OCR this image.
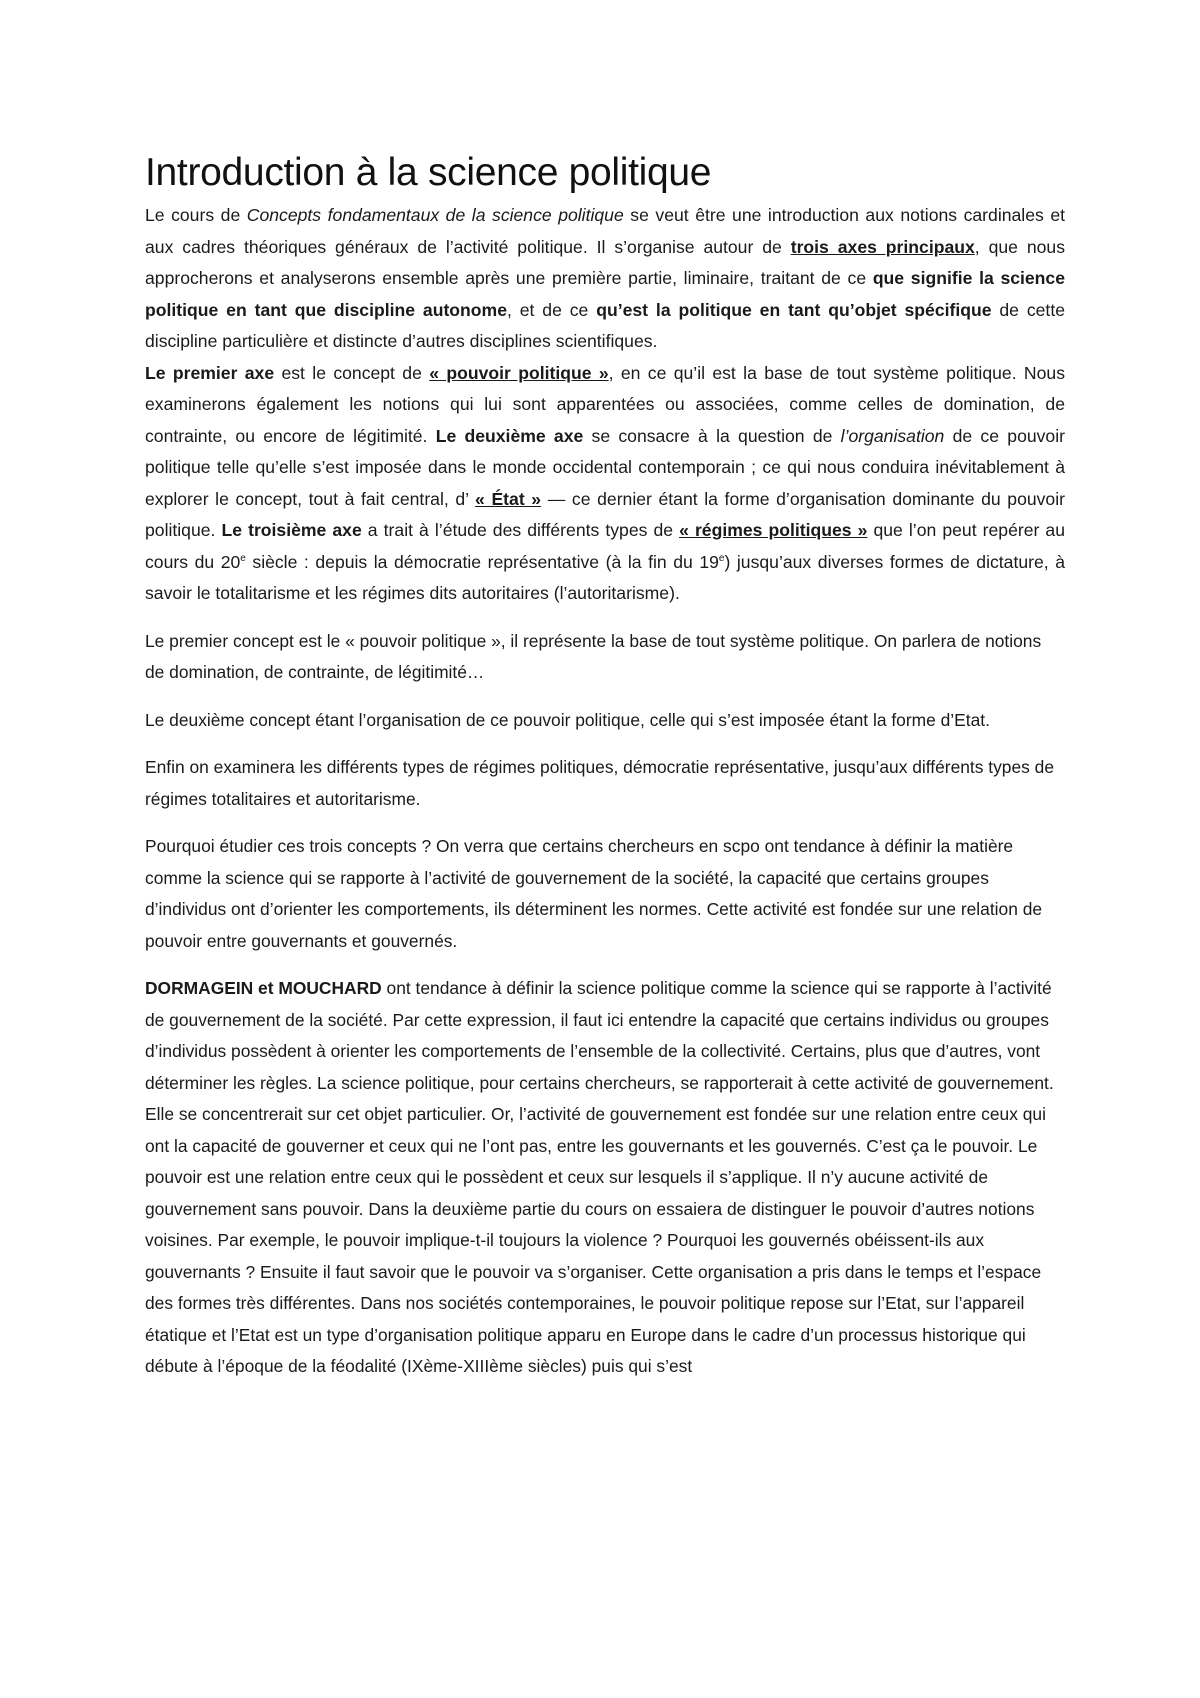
Introduction à la science politique

Le cours de Concepts fondamentaux de la science politique se veut être une introduction aux notions cardinales et aux cadres théoriques généraux de l’activité politique. Il s’organise autour de trois axes principaux, que nous approcherons et analyserons ensemble après une première partie, liminaire, traitant de ce que signifie la science politique en tant que discipline autonome, et de ce qu’est la politique en tant qu’objet spécifique de cette discipline particulière et distincte d’autres disciplines scientifiques.

Le premier axe est le concept de « pouvoir politique », en ce qu’il est la base de tout système politique. Nous examinerons également les notions qui lui sont apparentées ou associées, comme celles de domination, de contrainte, ou encore de légitimité. Le deuxième axe se consacre à la question de l’organisation de ce pouvoir politique telle qu’elle s’est imposée dans le monde occidental contemporain ; ce qui nous conduira inévitablement à explorer le concept, tout à fait central, d’ « État » — ce dernier étant la forme d’organisation dominante du pouvoir politique. Le troisième axe a trait à l’étude des différents types de « régimes politiques » que l’on peut repérer au cours du 20e siècle : depuis la démocratie représentative (à la fin du 19e) jusqu’aux diverses formes de dictature, à savoir le totalitarisme et les régimes dits autoritaires (l’autoritarisme).

Le premier concept est le « pouvoir politique », il représente la base de tout système politique. On parlera de notions de domination, de contrainte, de légitimité…

Le deuxième concept étant l’organisation de ce pouvoir politique, celle qui s’est imposée étant la forme d’Etat.

Enfin on examinera les différents types de régimes politiques, démocratie représentative, jusqu’aux différents types de régimes totalitaires et autoritarisme.

Pourquoi étudier ces trois concepts ? On verra que certains chercheurs en scpo ont tendance à définir la matière comme la science qui se rapporte à l’activité de gouvernement de la société, la capacité que certains groupes d’individus ont d’orienter les comportements, ils déterminent les normes. Cette activité est fondée sur une relation de pouvoir entre gouvernants et gouvernés.

DORMAGEIN et MOUCHARD ont tendance à définir la science politique comme la science qui se rapporte à l’activité de gouvernement de la société. Par cette expression, il faut ici entendre la capacité que certains individus ou groupes d’individus possèdent à orienter les comportements de l’ensemble de la collectivité. Certains, plus que d’autres, vont déterminer les règles. La science politique, pour certains chercheurs, se rapporterait à cette activité de gouvernement. Elle se concentrerait sur cet objet particulier. Or, l’activité de gouvernement est fondée sur une relation entre ceux qui ont la capacité de gouverner et ceux qui ne l’ont pas, entre les gouvernants et les gouvernés. C’est ça le pouvoir. Le pouvoir est une relation entre ceux qui le possèdent et ceux sur lesquels il s’applique. Il n’y aucune activité de gouvernement sans pouvoir. Dans la deuxième partie du cours on essaiera de distinguer le pouvoir d’autres notions voisines. Par exemple, le pouvoir implique-t-il toujours la violence ? Pourquoi les gouvernés obéissent-ils aux gouvernants ? Ensuite il faut savoir que le pouvoir va s’organiser. Cette organisation a pris dans le temps et l’espace des formes très différentes. Dans nos sociétés contemporaines, le pouvoir politique repose sur l’Etat, sur l’appareil étatique et l’Etat est un type d’organisation politique apparu en Europe dans le cadre d’un processus historique qui débute à l’époque de la féodalité (IXème-XIIIème siècles) puis qui s’est
